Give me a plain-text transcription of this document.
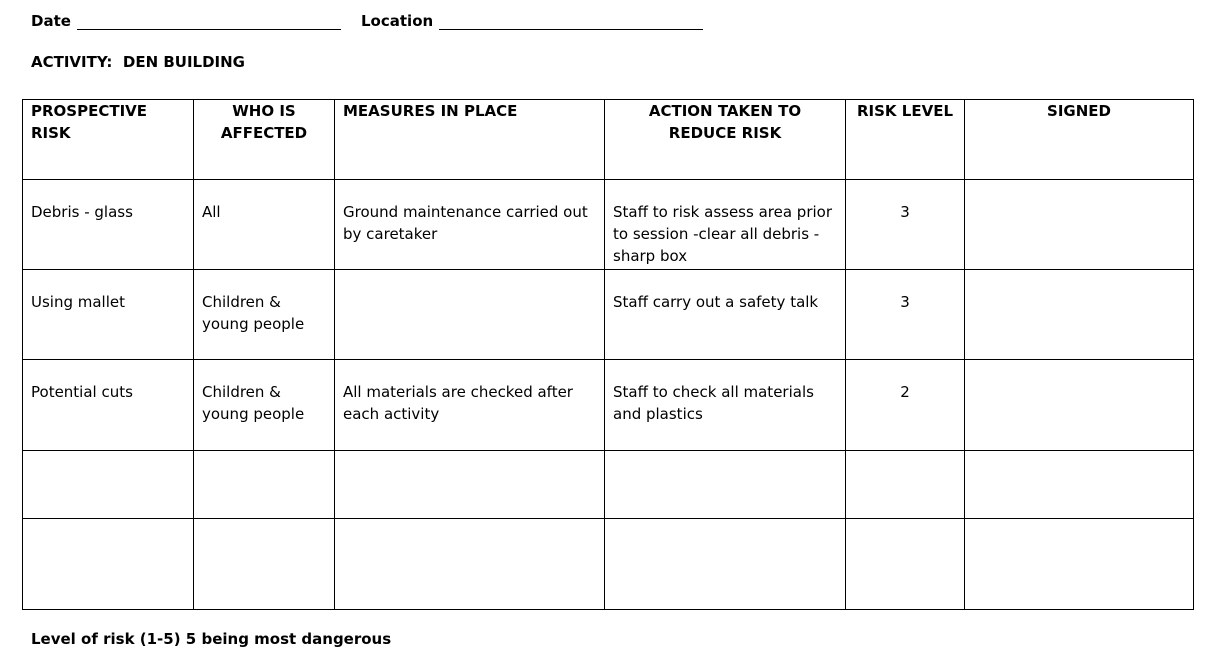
Date	Location
ACTIVITY: DEN BUILDING
PROSPECTIVE RISK	WHO IS AFFECTED	MEASURES IN PLACE	ACTION TAKEN TO REDUCE RISK	RISK LEVEL	SIGNED
Debris - glass	All	Ground maintenance carried out by caretaker	Staff to risk assess area prior to session -clear all debris - sharp box	3	
Using mallet	Children & young people		Staff carry out a safety talk	3	
Potential cuts	Children & young people	All materials are checked after each activity	Staff to check all materials and plastics	2	

Level of risk (1-5) 5 being most dangerous
